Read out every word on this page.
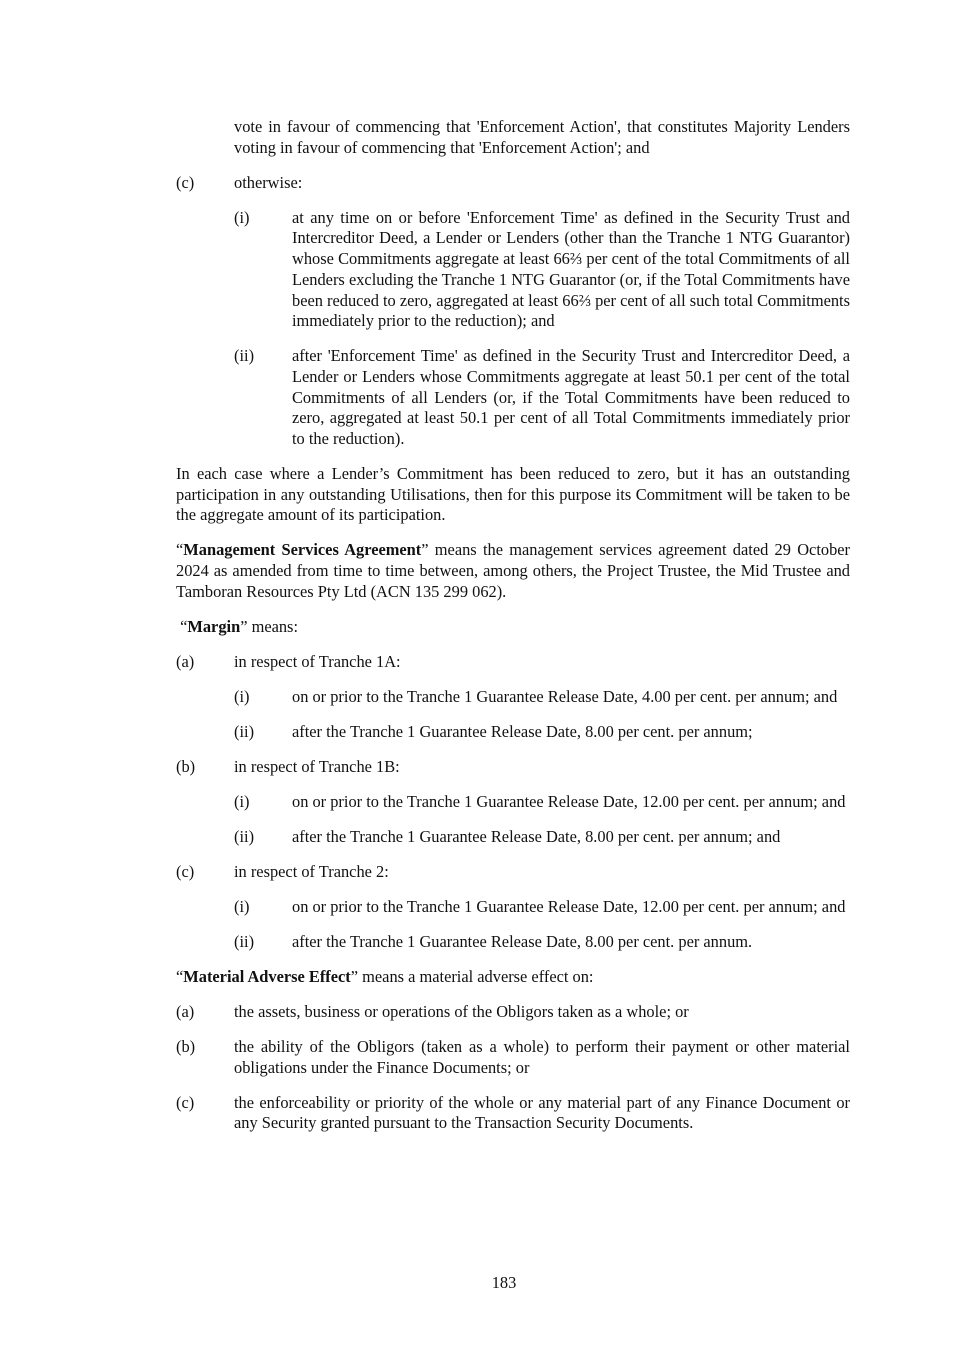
vote in favour of commencing that 'Enforcement Action', that constitutes Majority Lenders voting in favour of commencing that 'Enforcement Action'; and

(c) otherwise:
(i)	at any time on or before 'Enforcement Time' as defined in the Security Trust and Intercreditor Deed, a Lender or Lenders (other than the Tranche 1 NTG Guarantor) whose Commitments aggregate at least 66⅔ per cent of the total Commitments of all Lenders excluding the Tranche 1 NTG Guarantor (or, if the Total Commitments have been reduced to zero, aggregated at least 66⅔ per cent of all such total Commitments immediately prior to the reduction); and
(ii) after 'Enforcement Time' as defined in the Security Trust and Intercreditor Deed, a Lender or Lenders whose Commitments aggregate at least 50.1 per cent of the total Commitments of all Lenders (or, if the Total Commitments have been reduced to zero, aggregated at least 50.1 per cent of all Total Commitments immediately prior to the reduction).

In each case where a Lender’s Commitment has been reduced to zero, but it has an outstanding participation in any outstanding Utilisations, then for this purpose its Commitment will be taken to be the aggregate amount of its participation.

“Management Services Agreement” means the management services agreement dated 29 October 2024 as amended from time to time between, among others, the Project Trustee, the Mid Trustee and Tamboran Resources Pty Ltd (ACN 135 299 062).

“Margin” means:

(a) in respect of Tranche 1A:
(i)	on or prior to the Tranche 1 Guarantee Release Date, 4.00 per cent. per annum; and
(ii) after the Tranche 1 Guarantee Release Date, 8.00 per cent. per annum;
(b) in respect of Tranche 1B:
(i)	on or prior to the Tranche 1 Guarantee Release Date, 12.00 per cent. per annum; and
(ii) after the Tranche 1 Guarantee Release Date, 8.00 per cent. per annum; and
(c) in respect of Tranche 2:
(i)	on or prior to the Tranche 1 Guarantee Release Date, 12.00 per cent. per annum; and
(ii) after the Tranche 1 Guarantee Release Date, 8.00 per cent. per annum.

“Material Adverse Effect” means a material adverse effect on:

(a) the assets, business or operations of the Obligors taken as a whole; or
(b) the ability of the Obligors (taken as a whole) to perform their payment or other material obligations under the Finance Documents; or
(c) the enforceability or priority of the whole or any material part of any Finance Document or any Security granted pursuant to the Transaction Security Documents.
183
